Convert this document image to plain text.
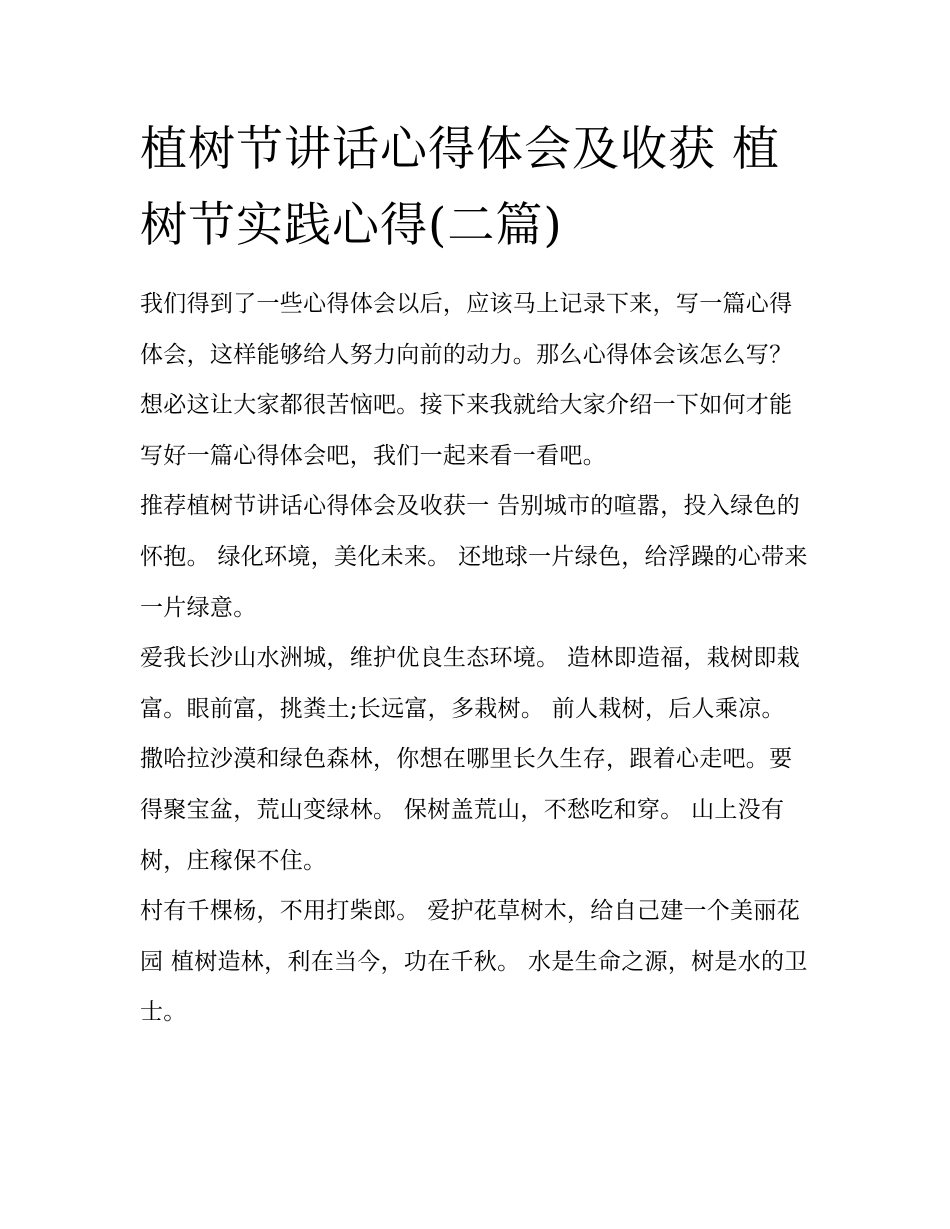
植树节讲话心得体会及收获 植树节实践心得(二篇)

我们得到了一些心得体会以后，应该马上记录下来，写一篇心得体会，这样能够给人努力向前的动力。那么心得体会该怎么写？想必这让大家都很苦恼吧。接下来我就给大家介绍一下如何才能写好一篇心得体会吧，我们一起来看一看吧。

推荐植树节讲话心得体会及收获一 告别城市的喧嚣，投入绿色的怀抱。 绿化环境，美化未来。 还地球一片绿色，给浮躁的心带来一片绿意。

爱我长沙山水洲城，维护优良生态环境。 造林即造福，栽树即栽富。眼前富，挑粪土;长远富，多栽树。 前人栽树，后人乘凉。

撒哈拉沙漠和绿色森林，你想在哪里长久生存，跟着心走吧。要得聚宝盆，荒山变绿林。 保树盖荒山，不愁吃和穿。 山上没有树，庄稼保不住。

村有千棵杨，不用打柴郎。 爱护花草树木，给自己建一个美丽花园 植树造林，利在当今，功在千秋。 水是生命之源，树是水的卫士。
